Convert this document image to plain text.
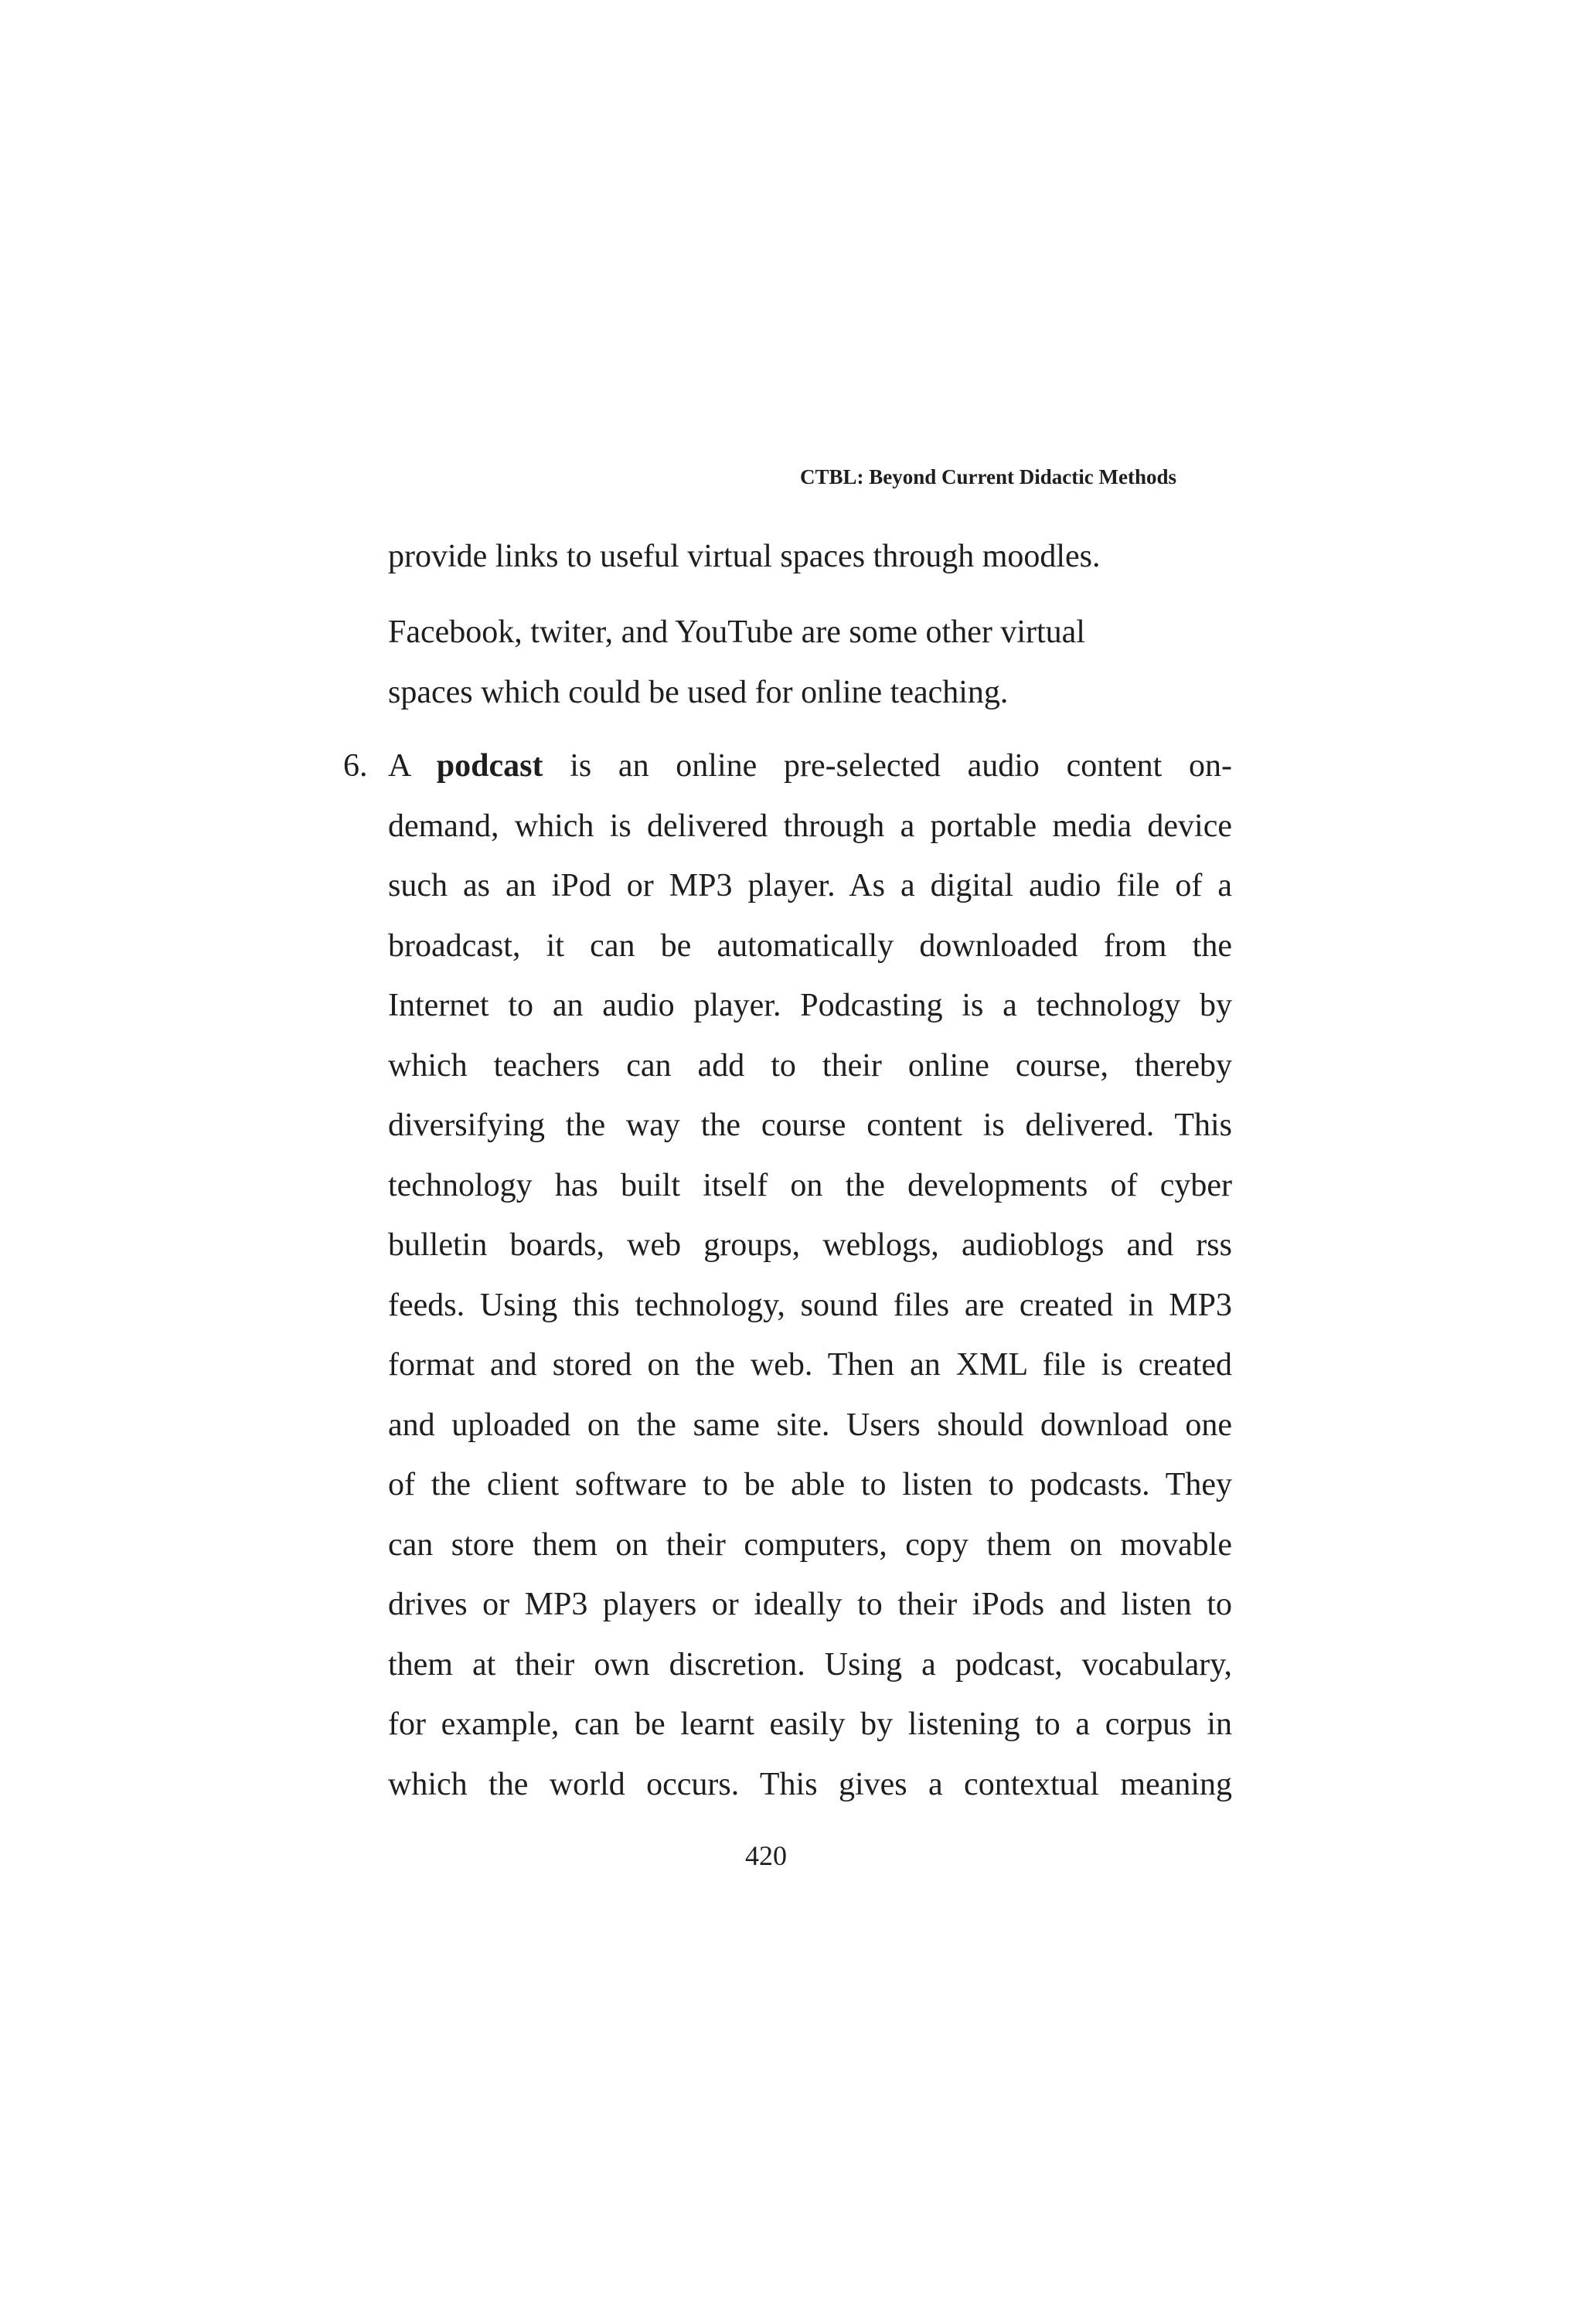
CTBL: Beyond Current Didactic Methods
provide links to useful virtual spaces through moodles.
Facebook, twiter, and YouTube are some other virtual
spaces which could be used for online teaching.
6. A podcast is an online pre-selected audio content on-
demand, which is delivered through a portable media device
such as an iPod or MP3 player. As a digital audio file of a
broadcast, it can be automatically downloaded from the
Internet to an audio player. Podcasting is a technology by
which teachers can add to their online course, thereby
diversifying the way the course content is delivered. This
technology has built itself on the developments of cyber
bulletin boards, web groups, weblogs, audioblogs and rss
feeds. Using this technology, sound files are created in MP3
format and stored on the web. Then an XML file is created
and uploaded on the same site. Users should download one
of the client software to be able to listen to podcasts. They
can store them on their computers, copy them on movable
drives or MP3 players or ideally to their iPods and listen to
them at their own discretion. Using a podcast, vocabulary,
for example, can be learnt easily by listening to a corpus in
which the world occurs. This gives a contextual meaning
420
